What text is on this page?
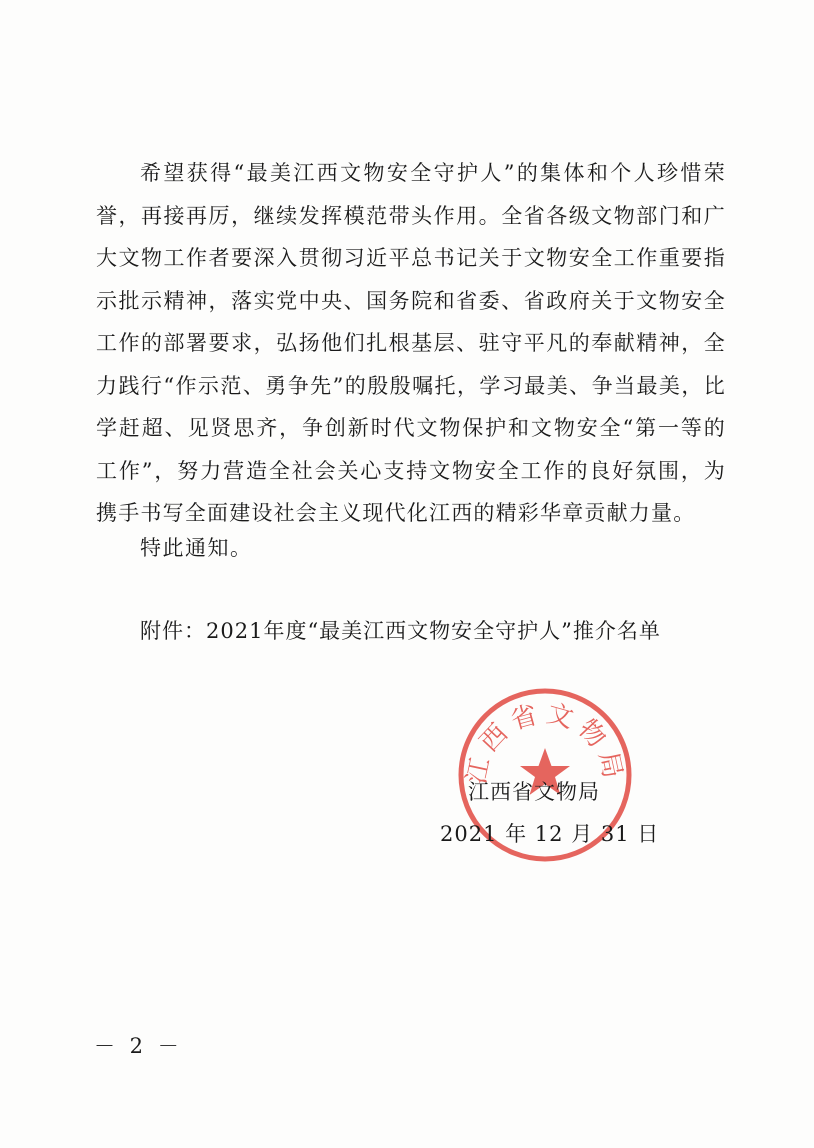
希望获得“最美江西文物安全守护人”的集体和个人珍惜荣誉，再接再厉，继续发挥模范带头作用。全省各级文物部门和广大文物工作者要深入贯彻习近平总书记关于文物安全工作重要指示批示精神，落实党中央、国务院和省委、省政府关于文物安全工作的部署要求，弘扬他们扎根基层、驻守平凡的奉献精神，全力践行“作示范、勇争先”的殷殷嘱托，学习最美、争当最美，比学赶超、见贤思齐，争创新时代文物保护和文物安全“第一等的工作”，努力营造全社会关心支持文物安全工作的良好氛围，为携手书写全面建设社会主义现代化江西的精彩华章贡献力量。

特此通知。

附件：2021年度“最美江西文物安全守护人”推介名单

江西省文物局

江西省文物局

2021 年 12 月 31 日

－ 2 －
